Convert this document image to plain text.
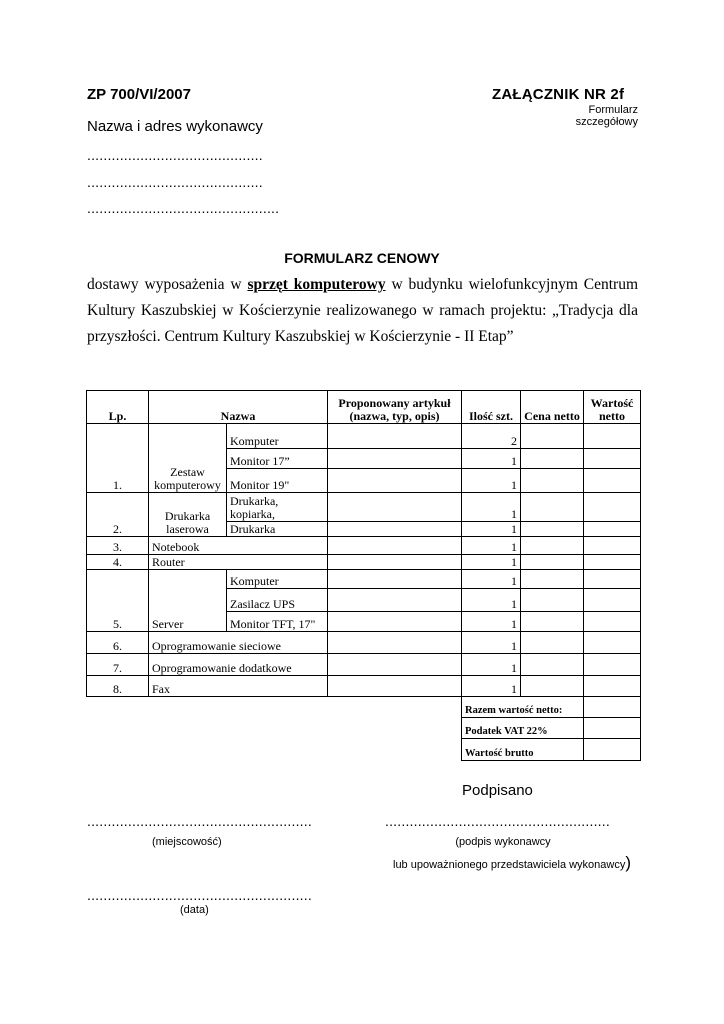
ZP 700/VI/2007	ZAŁĄCZNIK NR 2f
Formularz szczegółowy
Nazwa i adres wykonawcy
...........................................
...........................................
...............................................
FORMULARZ CENOWY
dostawy wyposażenia w sprzęt komputerowy w budynku wielofunkcyjnym Centrum Kultury Kaszubskiej w Kościerzynie realizowanego w ramach projektu: „Tradycja dla przyszłości. Centrum Kultury Kaszubskiej w Kościerzynie - II Etap”
Lp.	Nazwa		Proponowany artykuł (nazwa, typ, opis)	Ilość szt.	Cena netto	Wartość netto
1.	Zestaw komputerowy	Komputer		2		
		Monitor 17”		1		
		Monitor 19"		1		
2.	Drukarka laserowa	Drukarka, kopiarka,		1		
		Drukarka		1		
3.	Notebook			1		
4.	Router			1		
5.	Server	Komputer		1		
		Zasilacz UPS		1		
		Monitor TFT, 17"		1		
6.	Oprogramowanie sieciowe			1		
7.	Oprogramowanie dodatkowe			1		
8.	Fax			1		
				Razem wartość netto:		
				Podatek VAT 22%		
				Wartość brutto		
Podpisano
.......................................................	.......................................................
(miejscowość)	(podpis wykonawcy
lub upoważnionego przedstawiciela wykonawcy)
.......................................................
(data)
